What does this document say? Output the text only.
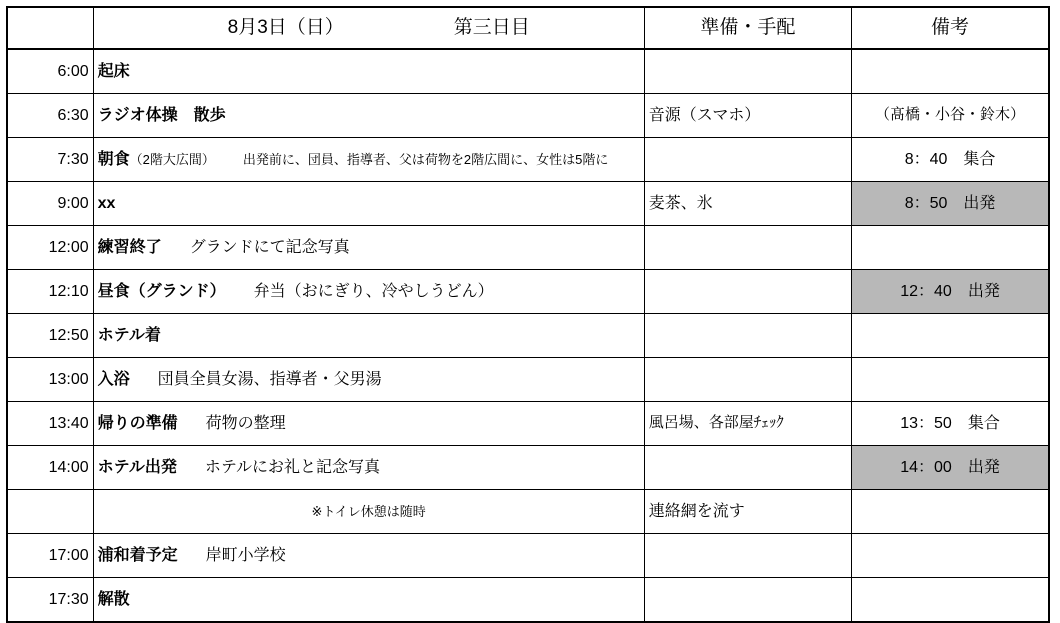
	8月3日（日） 第三日目	準備・手配	備考
6:00	起床		
6:30	ラジオ体操　散歩	音源（スマホ）	（髙橋・小谷・鈴木）
7:30	朝食（2階大広間） 出発前に、団員、指導者、父は荷物を2階広間に、女性は5階に		8：40　集合
9:00	xx	麦茶、氷	8：50　出発
12:00	練習終了 グランドにて記念写真		
12:10	昼食（グランド） 弁当（おにぎり、冷やしうどん）		12：40　出発
12:50	ホテル着		
13:00	入浴 団員全員女湯、指導者・父男湯		
13:40	帰りの準備 荷物の整理	風呂場、各部屋ﾁｪｯｸ	13：50　集合
14:00	ホテル出発 ホテルにお礼と記念写真		14：00　出発
	※トイレ休憩は随時	連絡網を流す	
17:00	浦和着予定 岸町小学校		
17:30	解散		
